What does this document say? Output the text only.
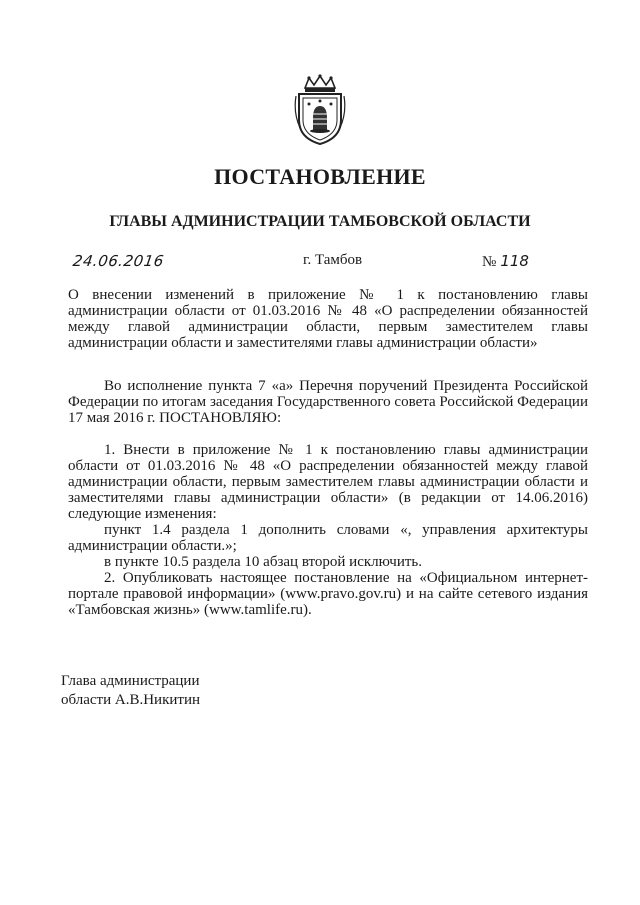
ПОСТАНОВЛЕНИЕ
ГЛАВЫ АДМИНИСТРАЦИИ ТАМБОВСКОЙ ОБЛАСТИ
24.06.2016	г. Тамбов	№ 118
О внесении изменений в приложение № 1 к постановлению главы администрации области от 01.03.2016 № 48 «О распределении обязанностей между главой администрации области, первым заместителем главы администрации области и заместителями главы администрации области»

Во исполнение пункта 7 «а» Перечня поручений Президента Российской Федерации по итогам заседания Государственного совета Российской Федерации 17 мая 2016 г. ПОСТАНОВЛЯЮ:

1. Внести в приложение № 1 к постановлению главы администрации области от 01.03.2016 № 48 «О распределении обязанностей между главой администрации области, первым заместителем главы администрации области и заместителями главы администрации области» (в редакции от 14.06.2016) следующие изменения:

пункт 1.4 раздела 1 дополнить словами «, управления архитектуры администрации области.»;

в пункте 10.5 раздела 10 абзац второй исключить.

2. Опубликовать настоящее постановление на «Официальном интернет-портале правовой информации» (www.pravo.gov.ru) и на сайте сетевого издания «Тамбовская жизнь» (www.tamlife.ru).

Глава администрации
области А.В.Никитин
